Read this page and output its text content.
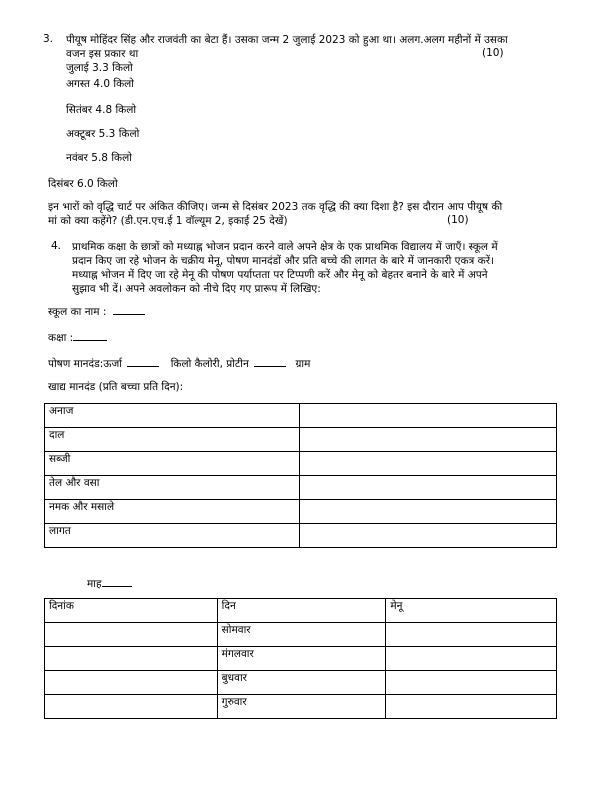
3. पीयूष मोहिंदर सिंह और राजवंती का बेटा हैं। उसका जन्म 2 जुलाई 2023 को हुआ था। अलग.अलग महीनों में उसका
वजन इस प्रकार था	(10)
जुलाई 3.3 किलो
अगस्त 4.0 किलो
सितंबर 4.8 किलो
अक्टूबर 5.3 किलो
नवंबर 5.8 किलो
दिसंबर 6.0 किलो
इन भारों को वृद्धि चार्ट पर अंकित कीजिए। जन्म से दिसंबर 2023 तक वृद्धि की क्या दिशा है? इस दौरान आप पीयूष की
मां को क्या कहेंगे? (डी.एन.एच.ई 1 वॉल्यूम 2, इकाई 25 देखें)	(10)
4. प्राथमिक कक्षा के छात्रों को मध्याह्न भोजन प्रदान करने वाले अपने क्षेत्र के एक प्राथमिक विद्यालय में जाएँ। स्कूल में
प्रदान किए जा रहे भोजन के चक्रीय मेनू, पोषण मानदंडों और प्रति बच्चे की लागत के बारे में जानकारी एकत्र करें।
मध्याह्न भोजन में दिए जा रहे मेनू की पोषण पर्याप्तता पर टिप्पणी करें और मेनू को बेहतर बनाने के बारे में अपने
सुझाव भी दें। अपने अवलोकन को नीचे दिए गए प्रारूप में लिखिए:
स्कूल का नाम :
कक्षा :
पोषण मानदंड:ऊर्जा	किलो कैलोरी, प्रोटीन	ग्राम
खाद्य मानदंड (प्रति बच्चा प्रति दिन):
अनाज	
दाल	
सब्जी	
तेल और वसा	
नमक और मसाले	
लागत	
माह
दिनांक	दिन	मेनू
	सोमवार	
	मंगलवार	
	बुधवार	
	गुरुवार	
